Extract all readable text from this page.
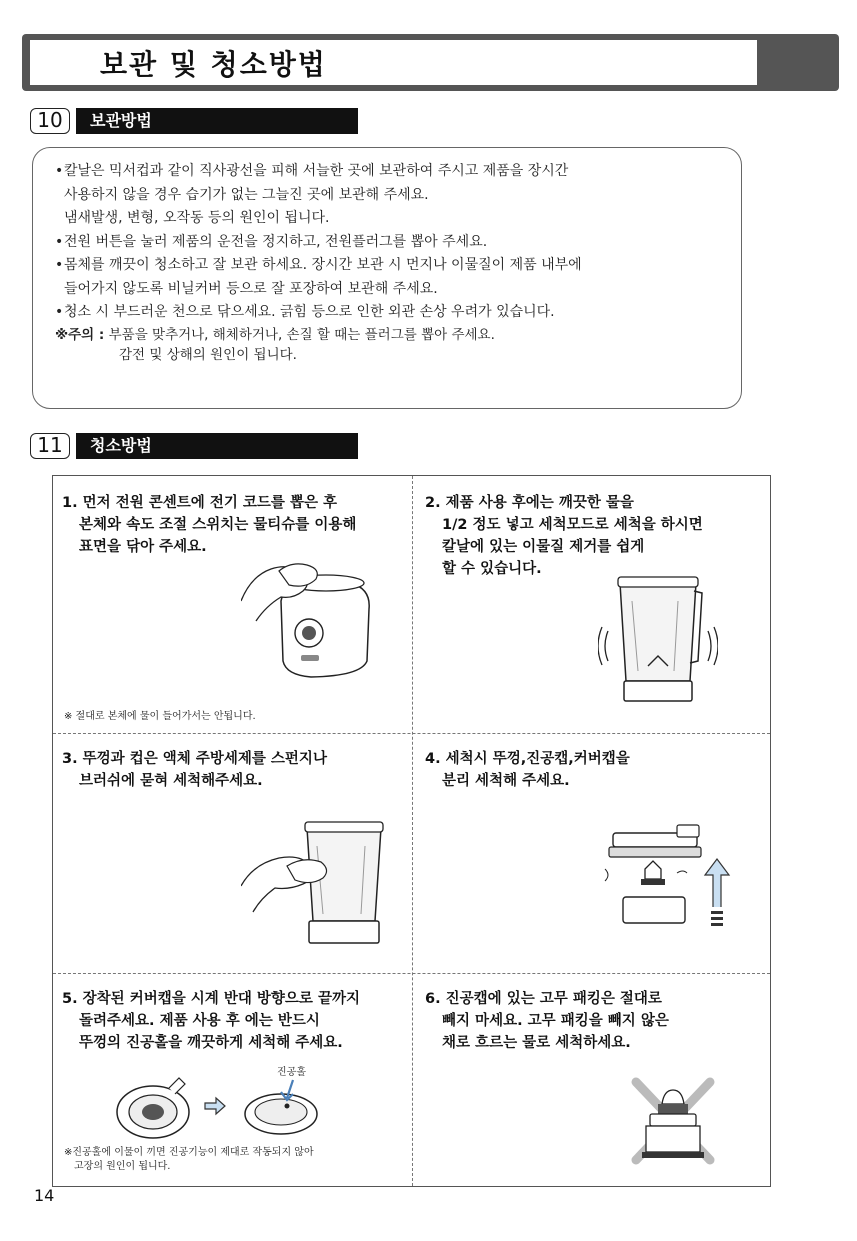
보관 및 청소방법
10	보관방법
•칼날은 믹서컵과 같이 직사광선을 피해 서늘한 곳에 보관하여 주시고 제품을 장시간
사용하지 않을 경우 습기가 없는 그늘진 곳에 보관해 주세요.
냄새발생, 변형, 오작동 등의 원인이 됩니다.
•전원 버튼을 눌러 제품의 운전을 정지하고, 전원플러그를 뽑아 주세요.
•몸체를 깨끗이 청소하고 잘 보관 하세요. 장시간 보관 시 먼지나 이물질이 제품 내부에
들어가지 않도록 비닐커버 등으로 잘 포장하여 보관해 주세요.
•청소 시 부드러운 천으로 닦으세요. 긁힘 등으로 인한 외관 손상 우려가 있습니다.
※주의 : 부품을 맞추거나, 해체하거나, 손질 할 때는 플러그를 뽑아 주세요.
감전 및 상해의 원인이 됩니다.
11	청소방법
1. 먼저 전원 콘센트에 전기 코드를 뽑은 후
본체와 속도 조절 스위치는 물티슈를 이용해
표면을 닦아 주세요.
※ 절대로 본체에 물이 들어가서는 안됩니다.
2. 제품 사용 후에는 깨끗한 물을
1/2 정도 넣고 세척모드로 세척을 하시면
칼날에 있는 이물질 제거를 쉽게
할 수 있습니다.
3. 뚜껑과 컵은 액체 주방세제를 스펀지나
브러쉬에 묻혀 세척해주세요.
4. 세척시 뚜껑,진공캡,커버캡을
분리 세척해 주세요.
5. 장착된 커버캡을 시계 반대 방향으로 끝까지
돌려주세요. 제품 사용 후 에는 반드시
뚜껑의 진공홀을 깨끗하게 세척해 주세요.
진공홀
※진공홀에 이물이 끼면 진공기능이 제대로 작동되지 않아
고장의 원인이 됩니다.
6. 진공캡에 있는 고무 패킹은 절대로
빼지 마세요. 고무 패킹을 빼지 않은
채로 흐르는 물로 세척하세요.
14
